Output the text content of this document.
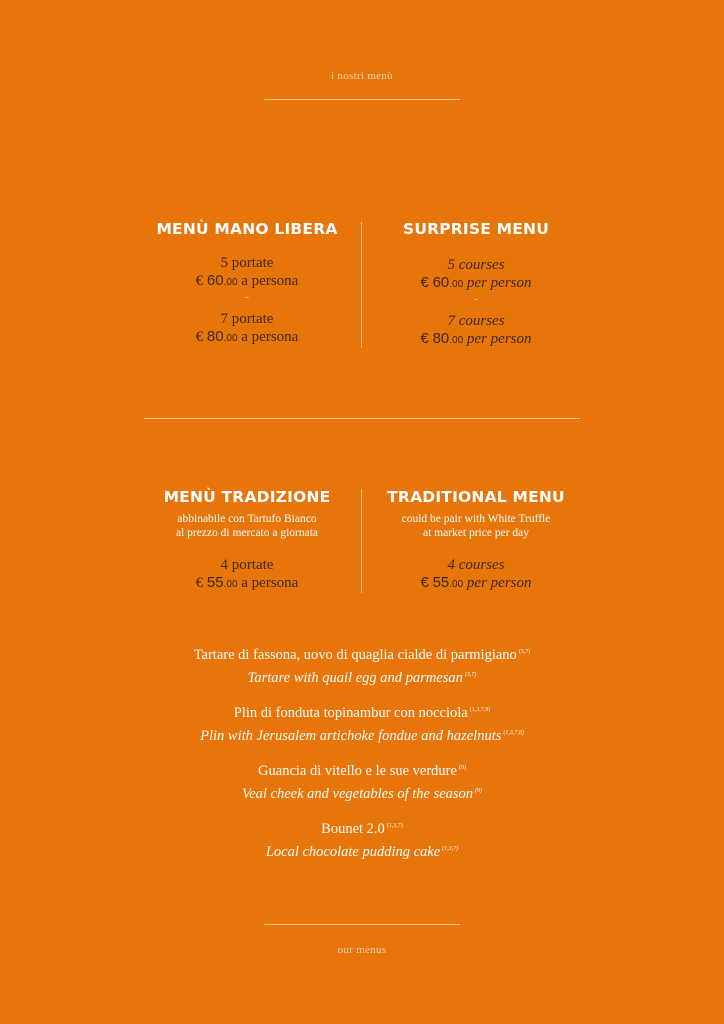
i nostri menù
MENÙ MANO LIBERA
5 portate
€ 60.00 a persona
-
7 portate
€ 80.00 a persona
SURPRISE MENU
5 courses
€ 60.00 per person
-
7 courses
€ 80.00 per person
MENÙ TRADIZIONE
abbinabile con Tartufo Bianco
al prezzo di mercato a giornata
4 portate
€ 55.00 a persona
TRADITIONAL MENU
could be pair with White Truffle
at market price per day
4 courses
€ 55.00 per person
Tartare di fassona, uovo di quaglia cialde di parmigiano $^{(3,7)}$
Tartare with quail egg and parmesan $^{(3,7)}$
Plin di fonduta topinambur con nocciola $^{(1,3,7,8)}$
Plin with Jerusalem artichoke fondue and hazelnuts $^{(1,3,7,8)}$
Guancia di vitello e le sue verdure $^{(9)}$
Veal cheek and vegetables of the season $^{(9)}$
Bounet 2.0 $^{(1,3,7)}$
Local chocolate pudding cake $^{(1,3,7)}$
our menus
